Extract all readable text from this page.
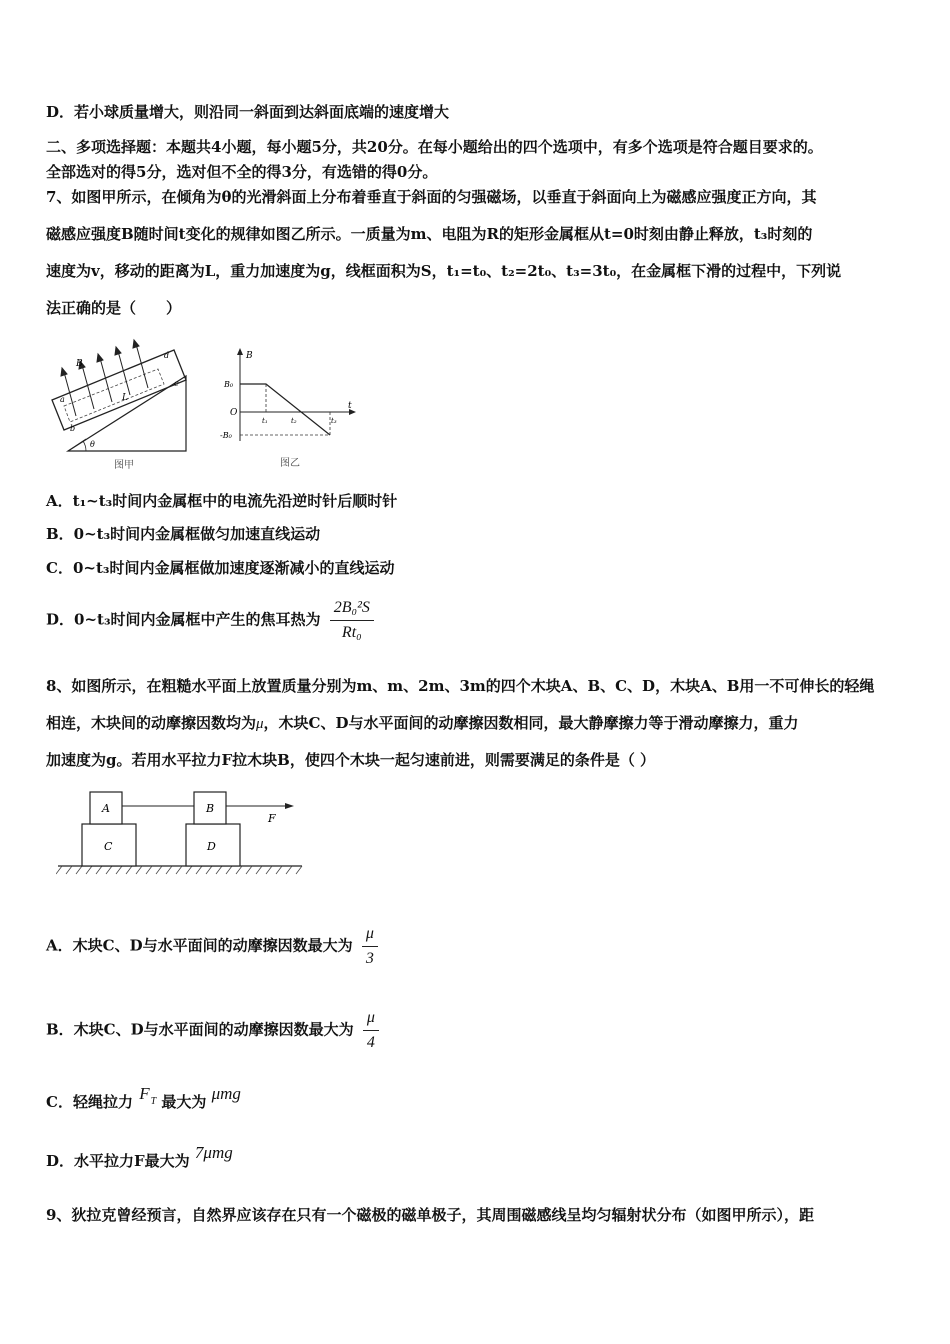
D．若小球质量增大，则沿同一斜面到达斜面底端的速度增大
二、多项选择题：本题共4小题，每小题5分，共20分。在每小题给出的四个选项中，有多个选项是符合题目要求的。
全部选对的得5分，选对但不全的得3分，有选错的得0分。
7、如图甲所示，在倾角为θ的光滑斜面上分布着垂直于斜面的匀强磁场，以垂直于斜面向上为磁感应强度正方向，其
磁感应强度B随时间t变化的规律如图乙所示。一质量为m、电阻为R的矩形金属框从t=0时刻由静止释放，t₃时刻的
速度为v，移动的距离为L，重力加速度为g，线框面积为S，t₁=t₀、t₂=2t₀、t₃=3t₀，在金属框下滑的过程中，下列说
法正确的是（　　）
B
L
a
b
c
d
θ
图甲
B
B₀
O
-B₀
t
t₁	t₂	t₃
图乙
A．t₁~t₃时间内金属框中的电流先沿逆时针后顺时针
B．0~t₃时间内金属框做匀加速直线运动
C．0~t₃时间内金属框做加速度逐渐减小的直线运动
D．0~t₃时间内金属框中产生的焦耳热为 $\frac{\text{2B₀²S}}{\text{Rt₀}}$
8、如图所示，在粗糙水平面上放置质量分别为m、m、2m、3m的四个木块A、B、C、D，木块A、B用一不可伸长的轻绳
相连，木块间的动摩擦因数均为μ，木块C、D与水平面间的动摩擦因数相同，最大静摩擦力等于滑动摩擦力，重力
加速度为g。若用水平拉力F拉木块B，使四个木块一起匀速前进，则需要满足的条件是（ ）
A	B
C	D
F
A．木块C、D与水平面间的动摩擦因数最大为 $\frac{\mu}{3}$
B．木块C、D与水平面间的动摩擦因数最大为 $\frac{\mu}{4}$
C．轻绳拉力 $F^T$ 最大为 μmg
D．水平拉力F最大为 7μmg
9、狄拉克曾经预言，自然界应该存在只有一个磁极的磁单极子，其周围磁感线呈均匀辐射状分布（如图甲所示），距
